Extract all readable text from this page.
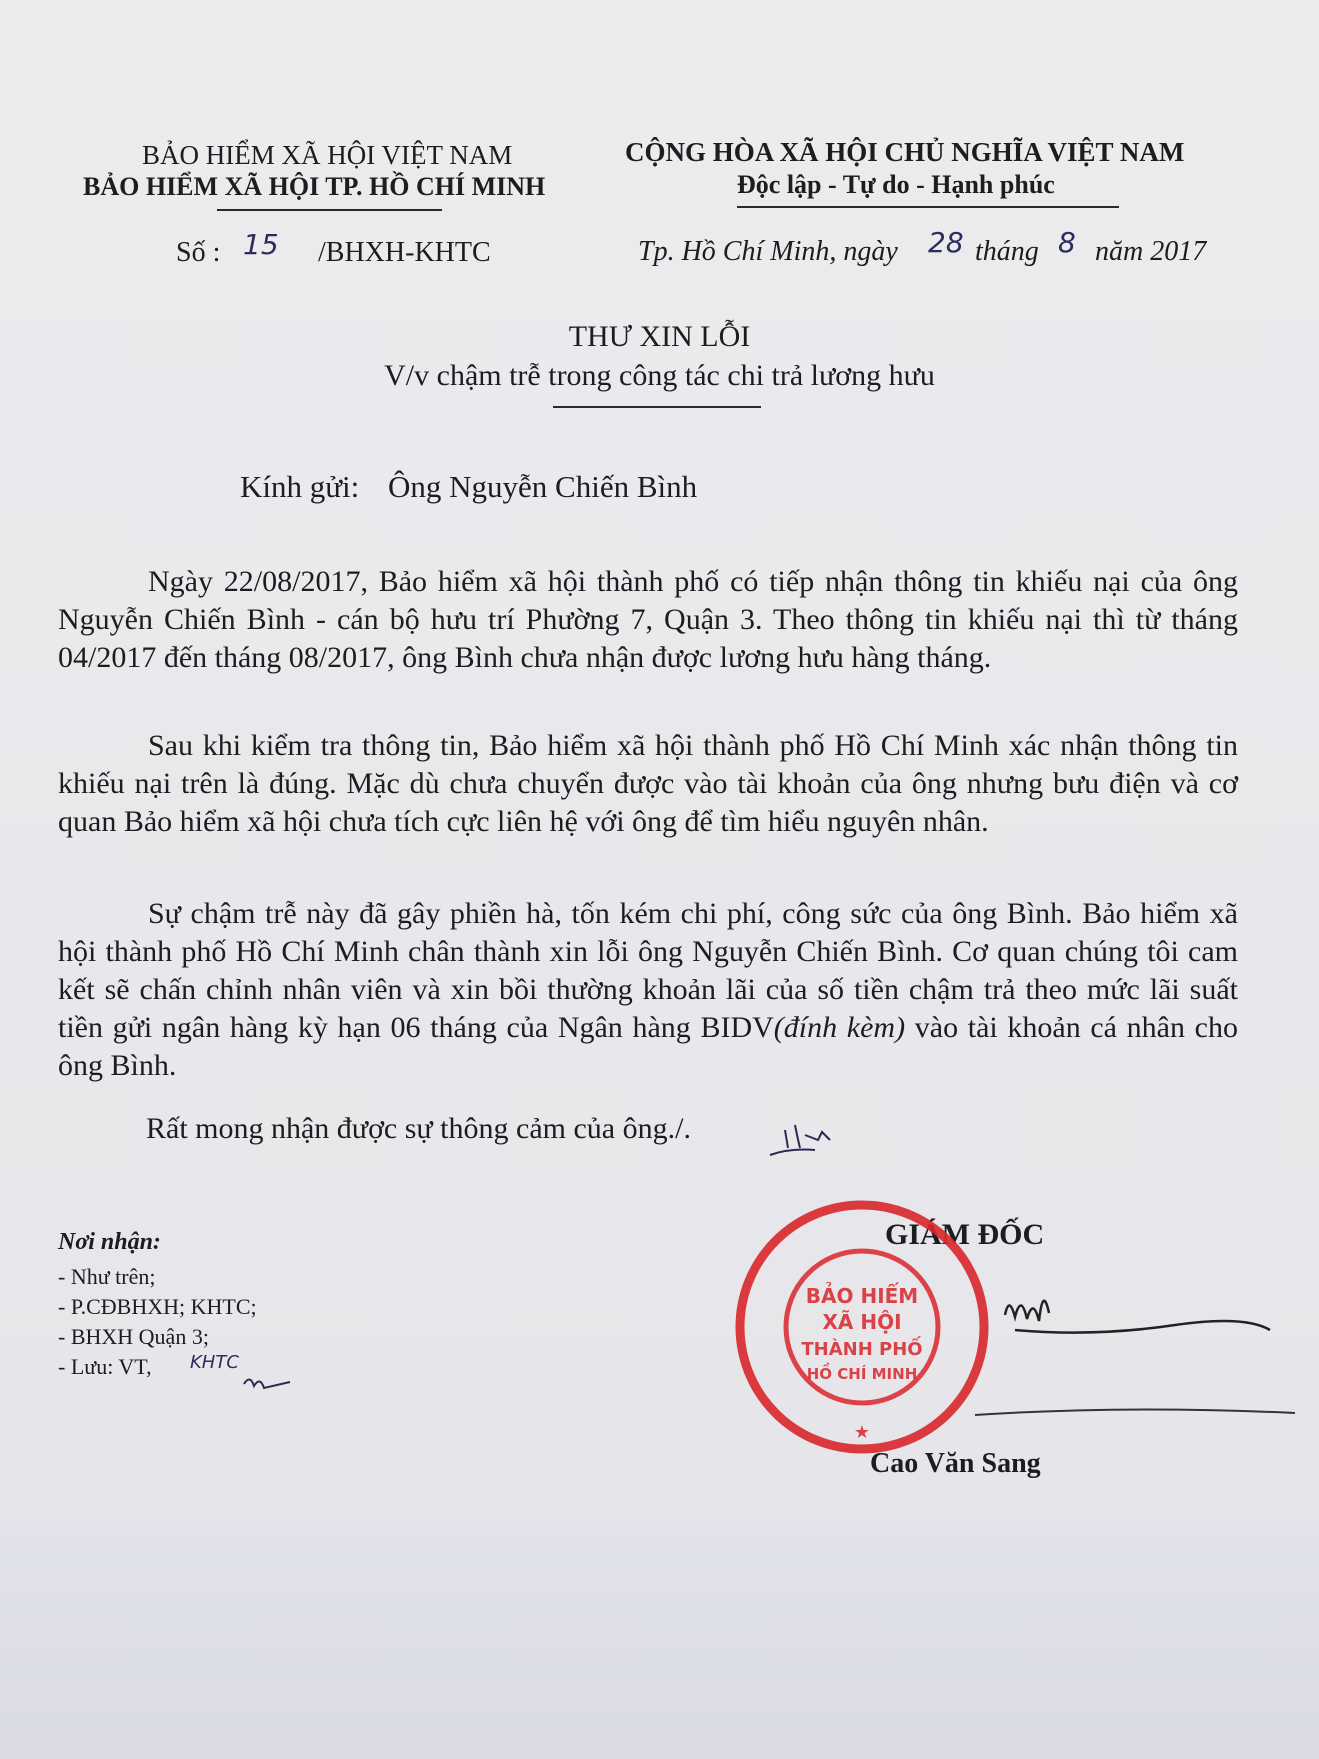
BẢO HIỂM XÃ HỘI VIỆT NAM
BẢO HIỂM XÃ HỘI TP. HỒ CHÍ MINH
CỘNG HÒA XÃ HỘI CHỦ NGHĨA VIỆT NAM
Độc lập - Tự do - Hạnh phúc
Số : 15 /BHXH-KHTC	Tp. Hồ Chí Minh, ngày 28 tháng 8 năm 2017
THƯ XIN LỖI
V/v chậm trễ trong công tác chi trả lương hưu
Kính gửi: Ông Nguyễn Chiến Bình

Ngày 22/08/2017, Bảo hiểm xã hội thành phố có tiếp nhận thông tin khiếu nại của ông Nguyễn Chiến Bình - cán bộ hưu trí Phường 7, Quận 3. Theo thông tin khiếu nại thì từ tháng 04/2017 đến tháng 08/2017, ông Bình chưa nhận được lương hưu hàng tháng.

Sau khi kiểm tra thông tin, Bảo hiểm xã hội thành phố Hồ Chí Minh xác nhận thông tin khiếu nại trên là đúng. Mặc dù chưa chuyển được vào tài khoản của ông nhưng bưu điện và cơ quan Bảo hiểm xã hội chưa tích cực liên hệ với ông để tìm hiểu nguyên nhân.

Sự chậm trễ này đã gây phiền hà, tốn kém chi phí, công sức của ông Bình. Bảo hiểm xã hội thành phố Hồ Chí Minh chân thành xin lỗi ông Nguyễn Chiến Bình. Cơ quan chúng tôi cam kết sẽ chấn chỉnh nhân viên và xin bồi thường khoản lãi của số tiền chậm trả theo mức lãi suất tiền gửi ngân hàng kỳ hạn 06 tháng của Ngân hàng BIDV(đính kèm) vào tài khoản cá nhân cho ông Bình.

Rất mong nhận được sự thông cảm của ông./.
Nơi nhận:
- Như trên;
- P.CĐBHXH; KHTC;
- BHXH Quận 3;
- Lưu: VT, KHTC
GIÁM ĐỐC
BẢO HIỂM
XÃ HỘI
THÀNH PHỐ
HỒ CHÍ MINH
★
Cao Văn Sang
